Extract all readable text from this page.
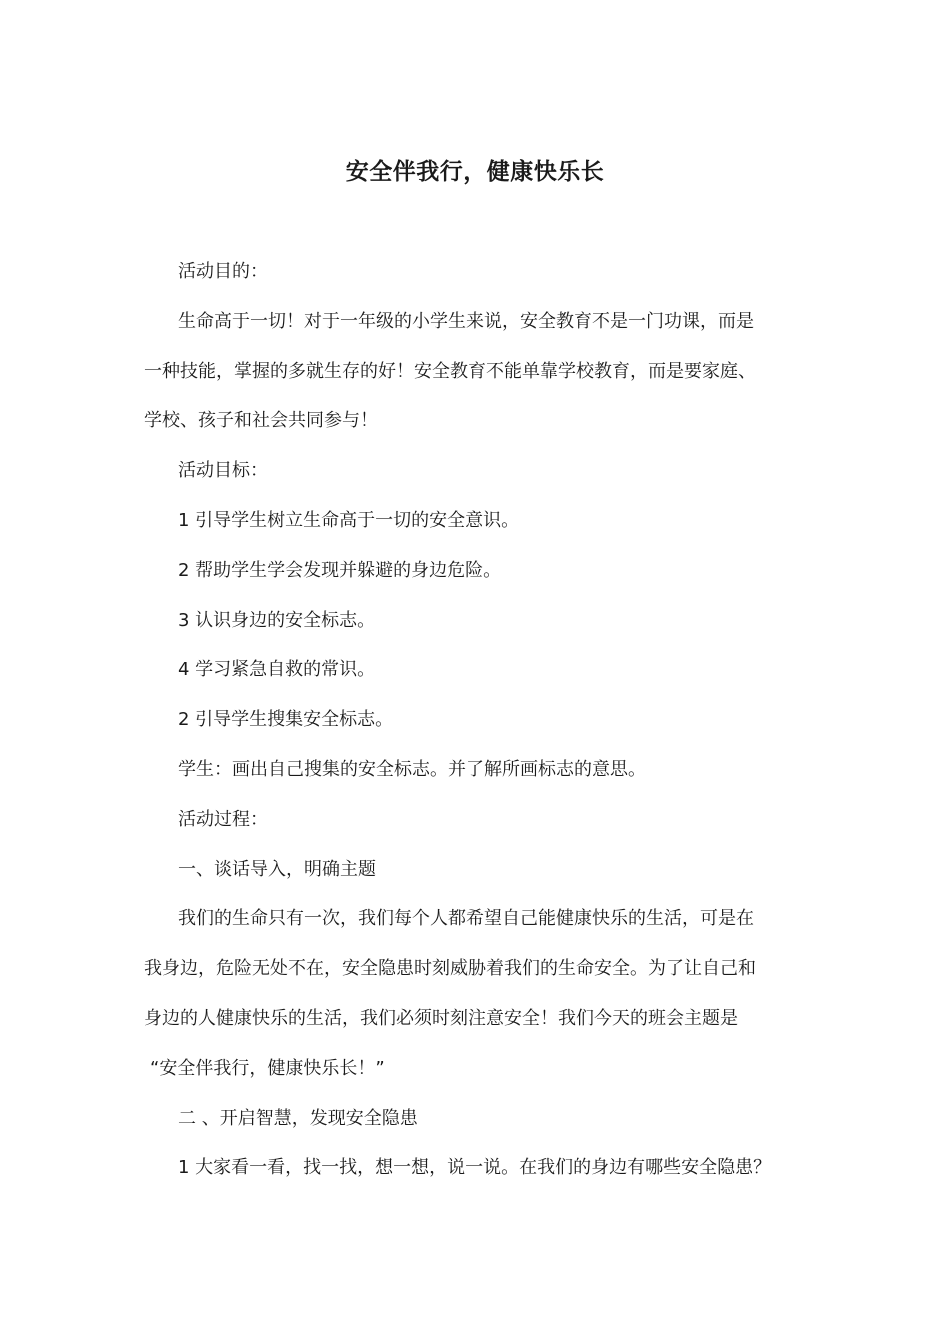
安全伴我行，健康快乐长

活动目的：

生命高于一切！对于一年级的小学生来说，安全教育不是一门功课，而是

一种技能，掌握的多就生存的好！安全教育不能单靠学校教育，而是要家庭、

学校、孩子和社会共同参与！

活动目标：

1 引导学生树立生命高于一切的安全意识。

2 帮助学生学会发现并躲避的身边危险。

3 认识身边的安全标志。

4 学习紧急自救的常识。

2 引导学生搜集安全标志。

学生：画出自己搜集的安全标志。并了解所画标志的意思。

活动过程：

一、谈话导入，明确主题

我们的生命只有一次，我们每个人都希望自己能健康快乐的生活，可是在

我身边，危险无处不在，安全隐患时刻威胁着我们的生命安全。为了让自己和

身边的人健康快乐的生活，我们必须时刻注意安全！我们今天的班会主题是

“安全伴我行，健康快乐长！”

二 、开启智慧，发现安全隐患

1 大家看一看，找一找，想一想，说一说。在我们的身边有哪些安全隐患？
